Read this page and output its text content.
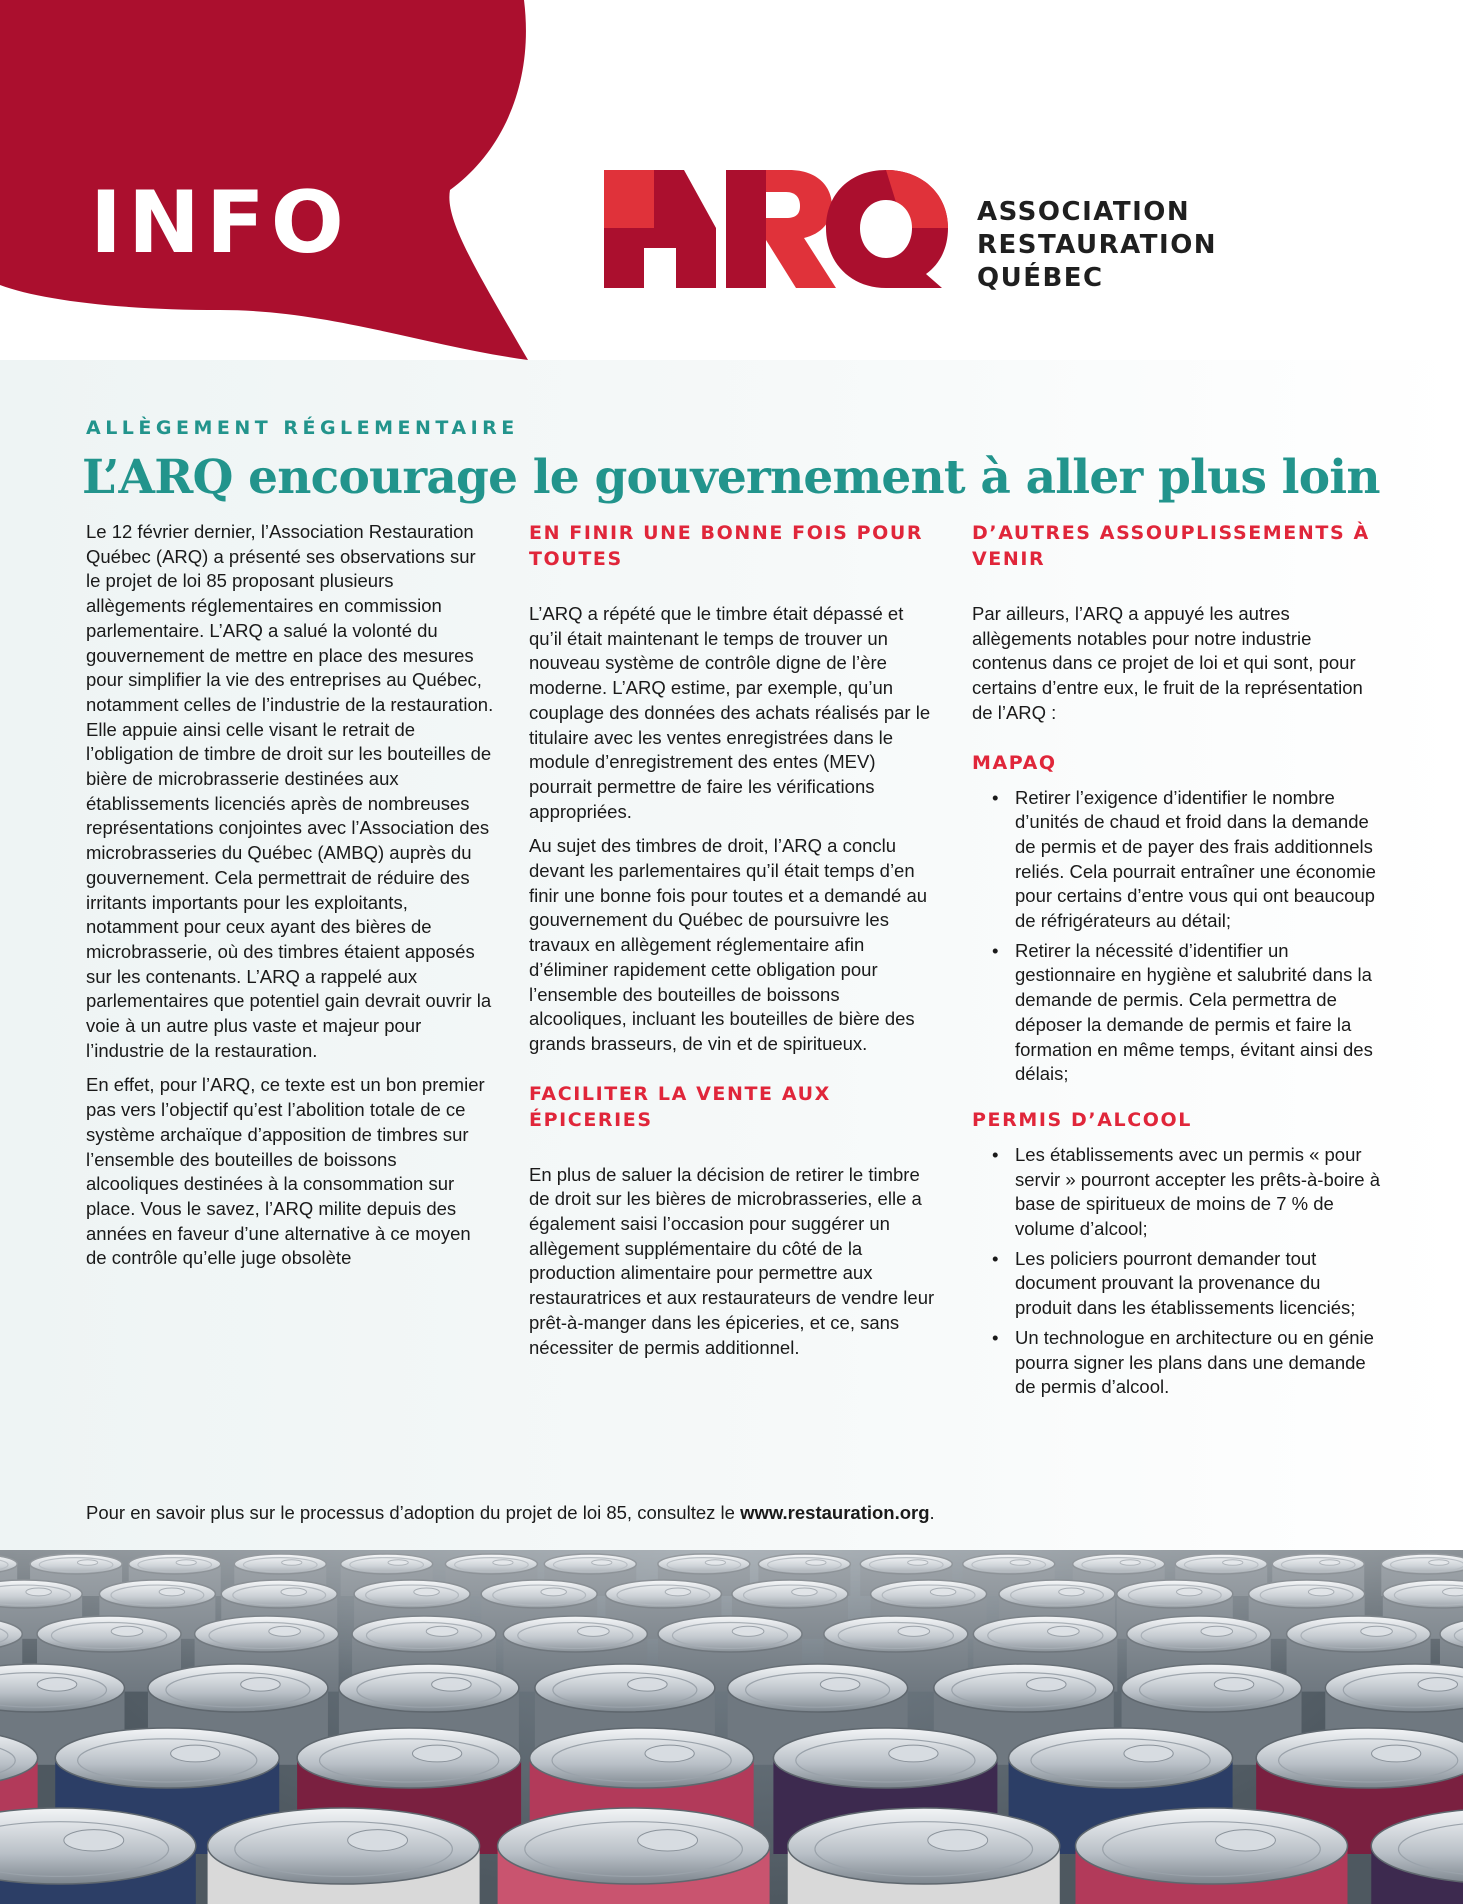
INFO	ASSOCIATION
RESTAURATION
QUÉBEC
ALLÈGEMENT RÉGLEMENTAIRE
L’ARQ encourage le gouvernement à aller plus loin

Le 12 février dernier, l’Association Restauration Québec (ARQ) a présenté ses observations sur le projet de loi 85 proposant plusieurs allègements réglementaires en commission parlementaire. L’ARQ a salué la volonté du gouvernement de mettre en place des mesures pour simplifier la vie des entreprises au Québec, notamment celles de l’industrie de la restauration. Elle appuie ainsi celle visant le retrait de l’obligation de timbre de droit sur les bouteilles de bière de microbrasserie destinées aux établissements licenciés après de nombreuses représentations conjointes avec l’Association des microbrasseries du Québec (AMBQ) auprès du gouvernement. Cela permettrait de réduire des irritants importants pour les exploitants, notamment pour ceux ayant des bières de microbrasserie, où des timbres étaient apposés sur les contenants. L’ARQ a rappelé aux parlementaires que potentiel gain devrait ouvrir la voie à un autre plus vaste et majeur pour l’industrie de la restauration.

En effet, pour l’ARQ, ce texte est un bon premier pas vers l’objectif qu’est l’abolition totale de ce système archaïque d’apposition de timbres sur l’ensemble des bouteilles de boissons alcooliques destinées à la consommation sur place. Vous le savez, l’ARQ milite depuis des années en faveur d’une alternative à ce moyen de contrôle qu’elle juge obsolète

EN FINIR UNE BONNE FOIS POUR TOUTES

L’ARQ a répété que le timbre était dépassé et qu’il était maintenant le temps de trouver un nouveau système de contrôle digne de l’ère moderne. L’ARQ estime, par exemple, qu’un couplage des données des achats réalisés par le titulaire avec les ventes enregistrées dans le module d’enregistrement des entes (MEV) pourrait permettre de faire les vérifications appropriées.

Au sujet des timbres de droit, l’ARQ a conclu devant les parlementaires qu’il était temps d’en finir une bonne fois pour toutes et a demandé au gouvernement du Québec de poursuivre les travaux en allègement réglementaire afin d’éliminer rapidement cette obligation pour l’ensemble des bouteilles de boissons alcooliques, incluant les bouteilles de bière des grands brasseurs, de vin et de spiritueux.

FACILITER LA VENTE AUX ÉPICERIES

En plus de saluer la décision de retirer le timbre de droit sur les bières de microbrasseries, elle a également saisi l’occasion pour suggérer un allègement supplémentaire du côté de la production alimentaire pour permettre aux restauratrices et aux restaurateurs de vendre leur prêt-à-manger dans les épiceries, et ce, sans nécessiter de permis additionnel.

D’AUTRES ASSOUPLISSEMENTS À VENIR

Par ailleurs, l’ARQ a appuyé les autres allègements notables pour notre industrie contenus dans ce projet de loi et qui sont, pour certains d’entre eux, le fruit de la représentation de l’ARQ :

MAPAQ
• Retirer l’exigence d’identifier le nombre d’unités de chaud et froid dans la demande de permis et de payer des frais additionnels reliés. Cela pourrait entraîner une économie pour certains d’entre vous qui ont beaucoup de réfrigérateurs au détail;
• Retirer la nécessité d’identifier un gestionnaire en hygiène et salubrité dans la demande de permis. Cela permettra de déposer la demande de permis et faire la formation en même temps, évitant ainsi des délais;
PERMIS D’ALCOOL
• Les établissements avec un permis « pour servir » pourront accepter les prêts-à-boire à base de spiritueux de moins de 7 % de volume d’alcool;
• Les policiers pourront demander tout document prouvant la provenance du produit dans les établissements licenciés;
• Un technologue en architecture ou en génie pourra signer les plans dans une demande de permis d’alcool.
Pour en savoir plus sur le processus d’adoption du projet de loi 85, consultez le www.restauration.org.
